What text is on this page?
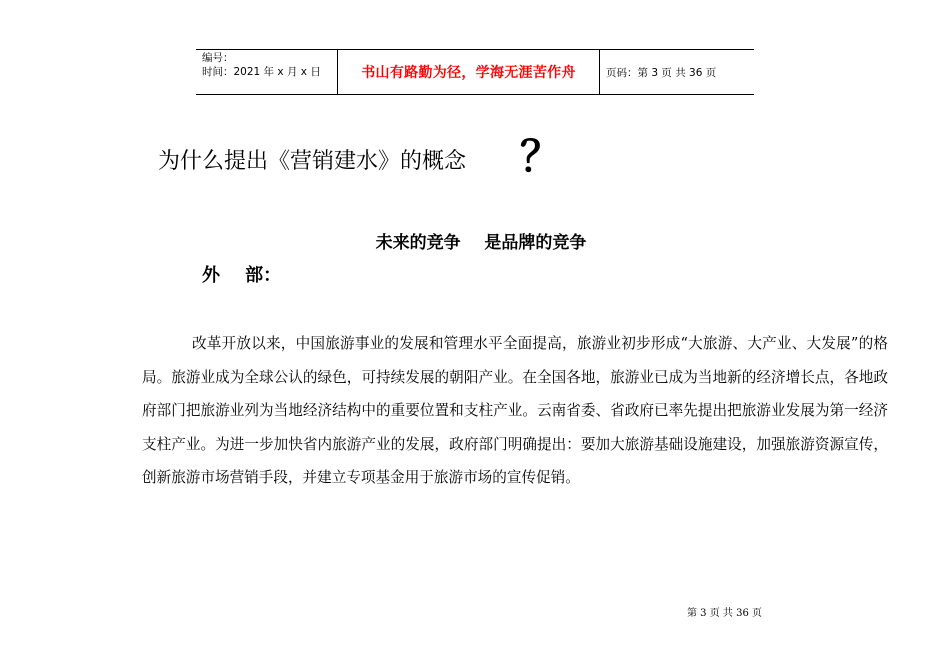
编号：
时间：2021 年 x 月 x 日	书山有路勤为径，学海无涯苦作舟	页码：第 3 页 共 36 页
为什么提出《营销建水》的概念 ？
未来的竞争    是品牌的竞争
外    部：

改革开放以来，中国旅游事业的发展和管理水平全面提高，旅游业初步形成“大旅游、大产业、大发展”的格局。旅游业成为全球公认的绿色，可持续发展的朝阳产业。在全国各地，旅游业已成为当地新的经济增长点，各地政府部门把旅游业列为当地经济结构中的重要位置和支柱产业。云南省委、省政府已率先提出把旅游业发展为第一经济支柱产业。为进一步加快省内旅游产业的发展，政府部门明确提出：要加大旅游基础设施建设，加强旅游资源宣传，创新旅游市场营销手段，并建立专项基金用于旅游市场的宣传促销。

第 3 页 共 36 页
